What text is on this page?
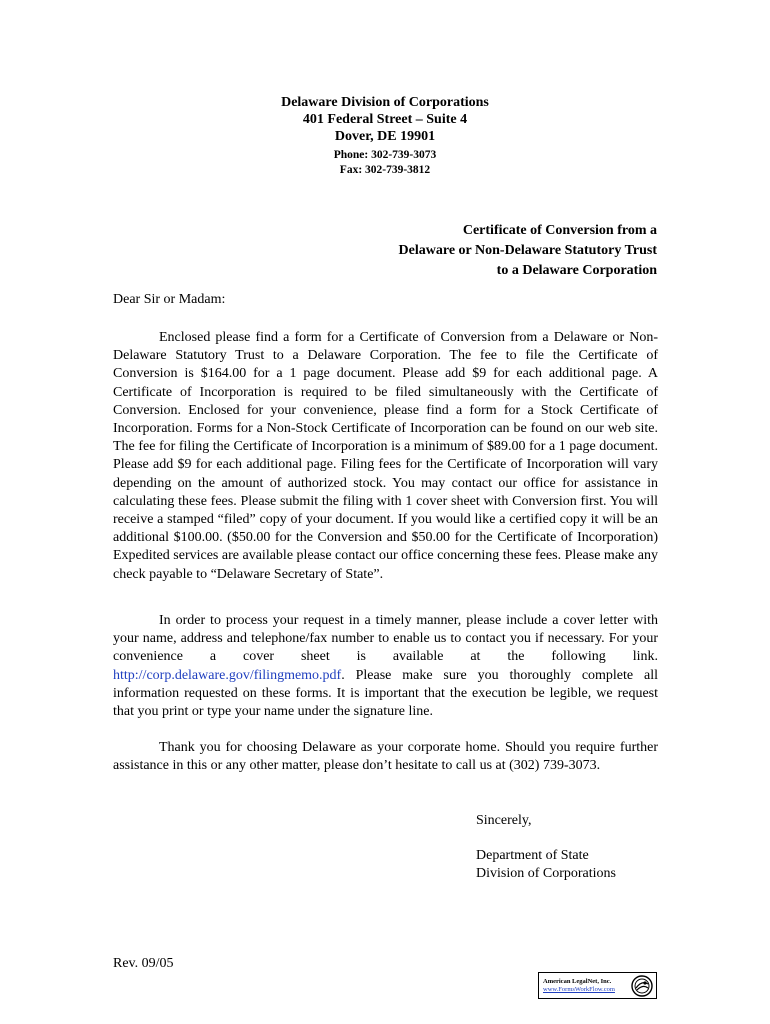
Delaware Division of Corporations
401 Federal Street – Suite 4
Dover, DE 19901
Phone: 302-739-3073
Fax: 302-739-3812
Certificate of Conversion from a
Delaware or Non-Delaware Statutory Trust
to a Delaware Corporation
Dear Sir or Madam:

Enclosed please find a form for a Certificate of Conversion from a Delaware or Non-Delaware Statutory Trust to a Delaware Corporation. The fee to file the Certificate of Conversion is $164.00 for a 1 page document. Please add $9 for each additional page. A Certificate of Incorporation is required to be filed simultaneously with the Certificate of Conversion. Enclosed for your convenience, please find a form for a Stock Certificate of Incorporation. Forms for a Non-Stock Certificate of Incorporation can be found on our web site. The fee for filing the Certificate of Incorporation is a minimum of $89.00 for a 1 page document. Please add $9 for each additional page. Filing fees for the Certificate of Incorporation will vary depending on the amount of authorized stock. You may contact our office for assistance in calculating these fees. Please submit the filing with 1 cover sheet with Conversion first. You will receive a stamped “filed” copy of your document. If you would like a certified copy it will be an additional $100.00. ($50.00 for the Conversion and $50.00 for the Certificate of Incorporation) Expedited services are available please contact our office concerning these fees. Please make any check payable to “Delaware Secretary of State”.

In order to process your request in a timely manner, please include a cover letter with your name, address and telephone/fax number to enable us to contact you if necessary. For your convenience a cover sheet is available at the following link. http://corp.delaware.gov/filingmemo.pdf. Please make sure you thoroughly complete all information requested on these forms. It is important that the execution be legible, we request that you print or type your name under the signature line.

Thank you for choosing Delaware as your corporate home. Should you require further assistance in this or any other matter, please don’t hesitate to call us at (302) 739-3073.

Sincerely,
Department of State
Division of Corporations
Rev. 09/05
American LegalNet, Inc.
www.FormsWorkFlow.com
